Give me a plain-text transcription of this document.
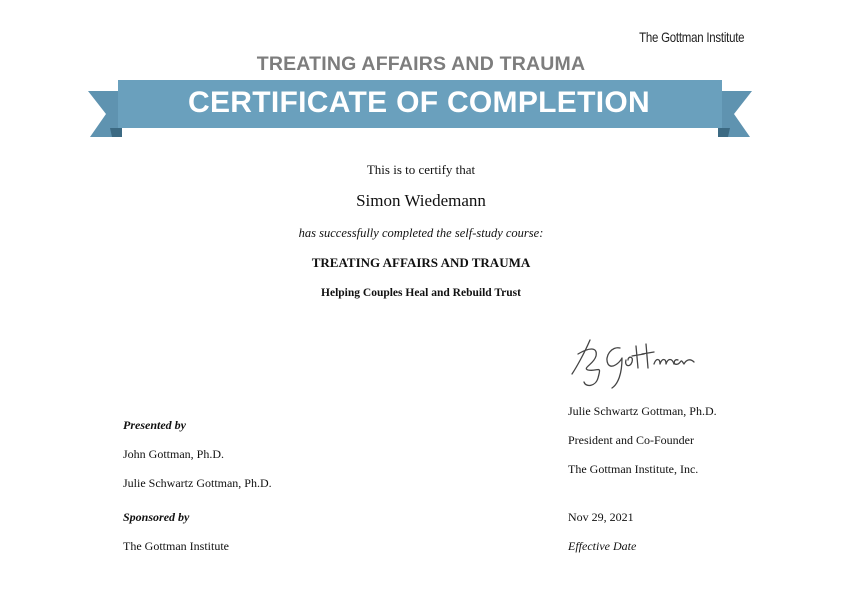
The Gottman Institute
TREATING AFFAIRS AND TRAUMA
CERTIFICATE OF COMPLETION
This is to certify that
Simon Wiedemann
has successfully completed the self-study course:
TREATING AFFAIRS AND TRAUMA
Helping Couples Heal and Rebuild Trust
Julie Schwartz Gottman, Ph.D.
President and Co-Founder
The Gottman Institute, Inc.
Presented by
John Gottman, Ph.D.
Julie Schwartz Gottman, Ph.D.
Sponsored by
The Gottman Institute
Nov 29, 2021
Effective Date
